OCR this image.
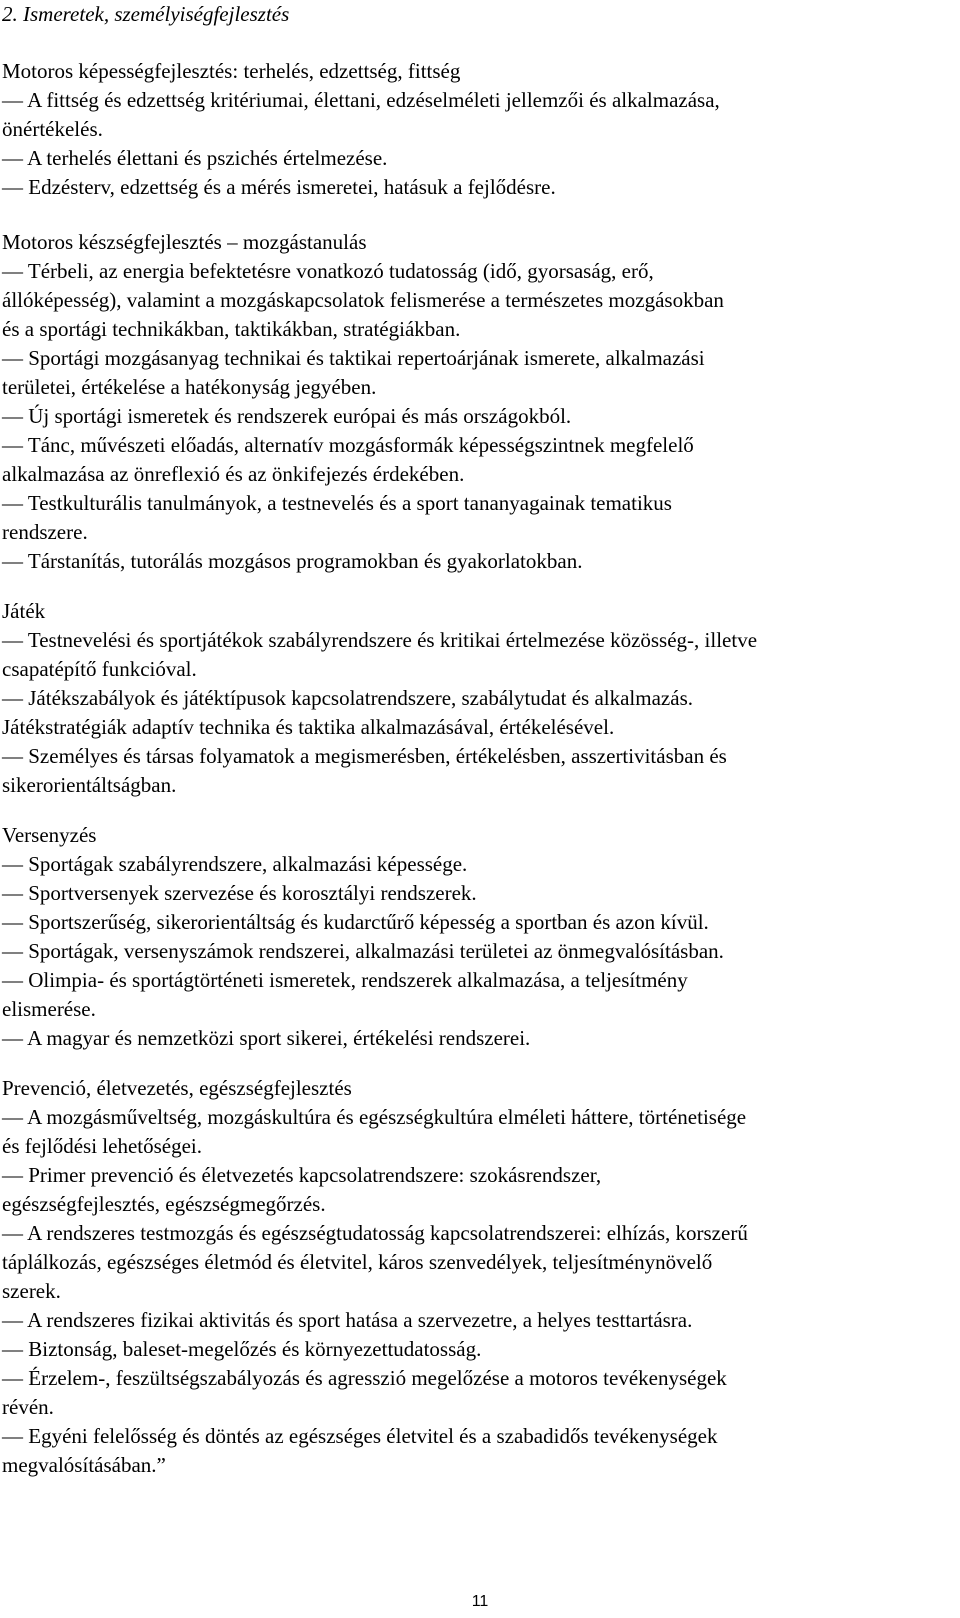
2. Ismeretek, személyiségfejlesztés
Motoros képességfejlesztés: terhelés, edzettség, fittség
— A fittség és edzettség kritériumai, élettani, edzéselméleti jellemzői és alkalmazása,
önértékelés.
— A terhelés élettani és pszichés értelmezése.
— Edzésterv, edzettség és a mérés ismeretei, hatásuk a fejlődésre.
Motoros készségfejlesztés – mozgástanulás
— Térbeli, az energia befektetésre vonatkozó tudatosság (idő, gyorsaság, erő,
állóképesség), valamint a mozgáskapcsolatok felismerése a természetes mozgásokban
és a sportági technikákban, taktikákban, stratégiákban.
— Sportági mozgásanyag technikai és taktikai repertoárjának ismerete, alkalmazási
területei, értékelése a hatékonyság jegyében.
— Új sportági ismeretek és rendszerek európai és más országokból.
— Tánc, művészeti előadás, alternatív mozgásformák képességszintnek megfelelő
alkalmazása az önreflexió és az önkifejezés érdekében.
— Testkulturális tanulmányok, a testnevelés és a sport tananyagainak tematikus
rendszere.
— Társtanítás, tutorálás mozgásos programokban és gyakorlatokban.
Játék
— Testnevelési és sportjátékok szabályrendszere és kritikai értelmezése közösség-, illetve
csapatépítő funkcióval.
— Játékszabályok és játéktípusok kapcsolatrendszere, szabálytudat és alkalmazás.
Játékstratégiák adaptív technika és taktika alkalmazásával, értékelésével.
— Személyes és társas folyamatok a megismerésben, értékelésben, asszertivitásban és
sikerorientáltságban.
Versenyzés
— Sportágak szabályrendszere, alkalmazási képessége.
— Sportversenyek szervezése és korosztályi rendszerek.
— Sportszerűség, sikerorientáltság és kudarctűrő képesség a sportban és azon kívül.
— Sportágak, versenyszámok rendszerei, alkalmazási területei az önmegvalósításban.
— Olimpia- és sportágtörténeti ismeretek, rendszerek alkalmazása, a teljesítmény
elismerése.
— A magyar és nemzetközi sport sikerei, értékelési rendszerei.
Prevenció, életvezetés, egészségfejlesztés
— A mozgásműveltség, mozgáskultúra és egészségkultúra elméleti háttere, történetisége
és fejlődési lehetőségei.
— Primer prevenció és életvezetés kapcsolatrendszere: szokásrendszer,
egészségfejlesztés, egészségmegőrzés.
— A rendszeres testmozgás és egészségtudatosság kapcsolatrendszerei: elhízás, korszerű
táplálkozás, egészséges életmód és életvitel, káros szenvedélyek, teljesítménynövelő
szerek.
— A rendszeres fizikai aktivitás és sport hatása a szervezetre, a helyes testtartásra.
— Biztonság, baleset-megelőzés és környezettudatosság.
— Érzelem-, feszültségszabályozás és agresszió megelőzése a motoros tevékenységek
révén.
— Egyéni felelősség és döntés az egészséges életvitel és a szabadidős tevékenységek
megvalósításában.”
11
